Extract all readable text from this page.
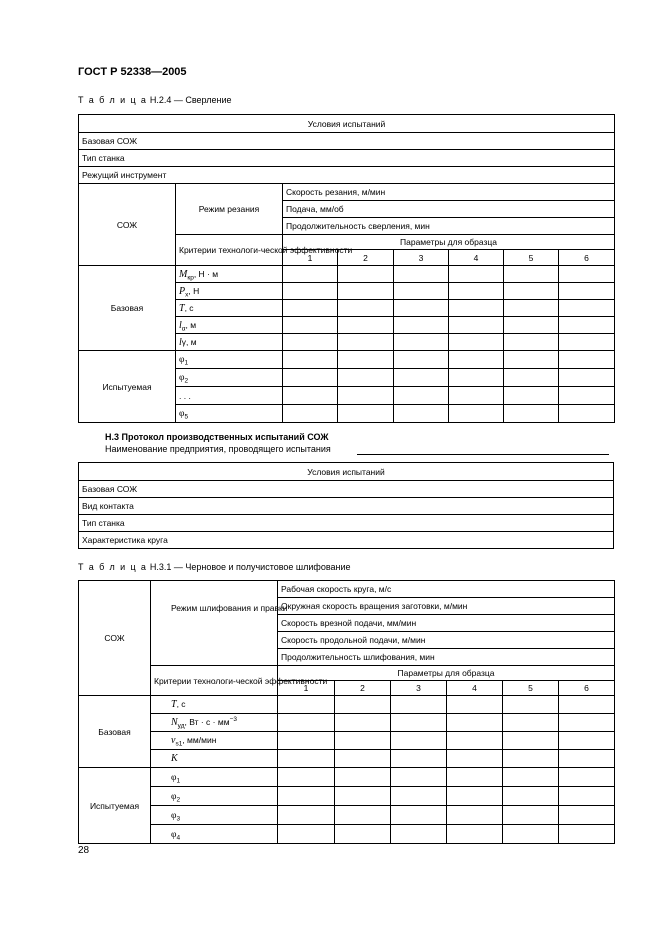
ГОСТ Р 52338—2005
Т а б л и ц а Н.2.4 — Сверление
Условия испытаний							
Базовая СОЖ							
Тип станка							
Режущий инструмент							
СОЖ	Режим резания	Скорость резания, м/мин					
		Подача, мм/об					
		Продолжительность сверления, мин					
	Критерии технологи-ческой эффективности	Параметры для образца					
		1	2	3	4	5	6
Базовая	$M_{кр}$, Н · м						
	$P_x$, Н						
	T, с						
	$l_\alpha$, м						
	lγ, м						
Испытуемая	$\varphi_1$						
	$\varphi_2$						
	. . .						
	$\varphi_5$						
Н.3 Протокол производственных испытаний СОЖ
Наименование предприятия, проводящего испытания
Условия испытаний
Базовая СОЖ
Вид контакта
Тип станка
Характеристика круга
Т а б л и ц а Н.3.1 — Черновое и получистовое шлифование
СОЖ	Режим шлифования и правки	Рабочая скорость круга, м/с					
		Окружная скорость вращения заготовки, м/мин					
		Скорость врезной подачи, мм/мин					
		Скорость продольной подачи, м/мин					
		Продолжительность шлифования, мин					
	Критерии технологи-ческой эффективности	Параметры для образца					
		1	2	3	4	5	6
Базовая	T, с						
	$N_{уд}$, Вт · $с \cdot мм^{-3}$						
	$v_{s1}$, мм/мин						
	K						
Испытуемая	$\varphi_1$						
	$\varphi_2$						
	$\varphi_3$						
	$\varphi_4$						
28
